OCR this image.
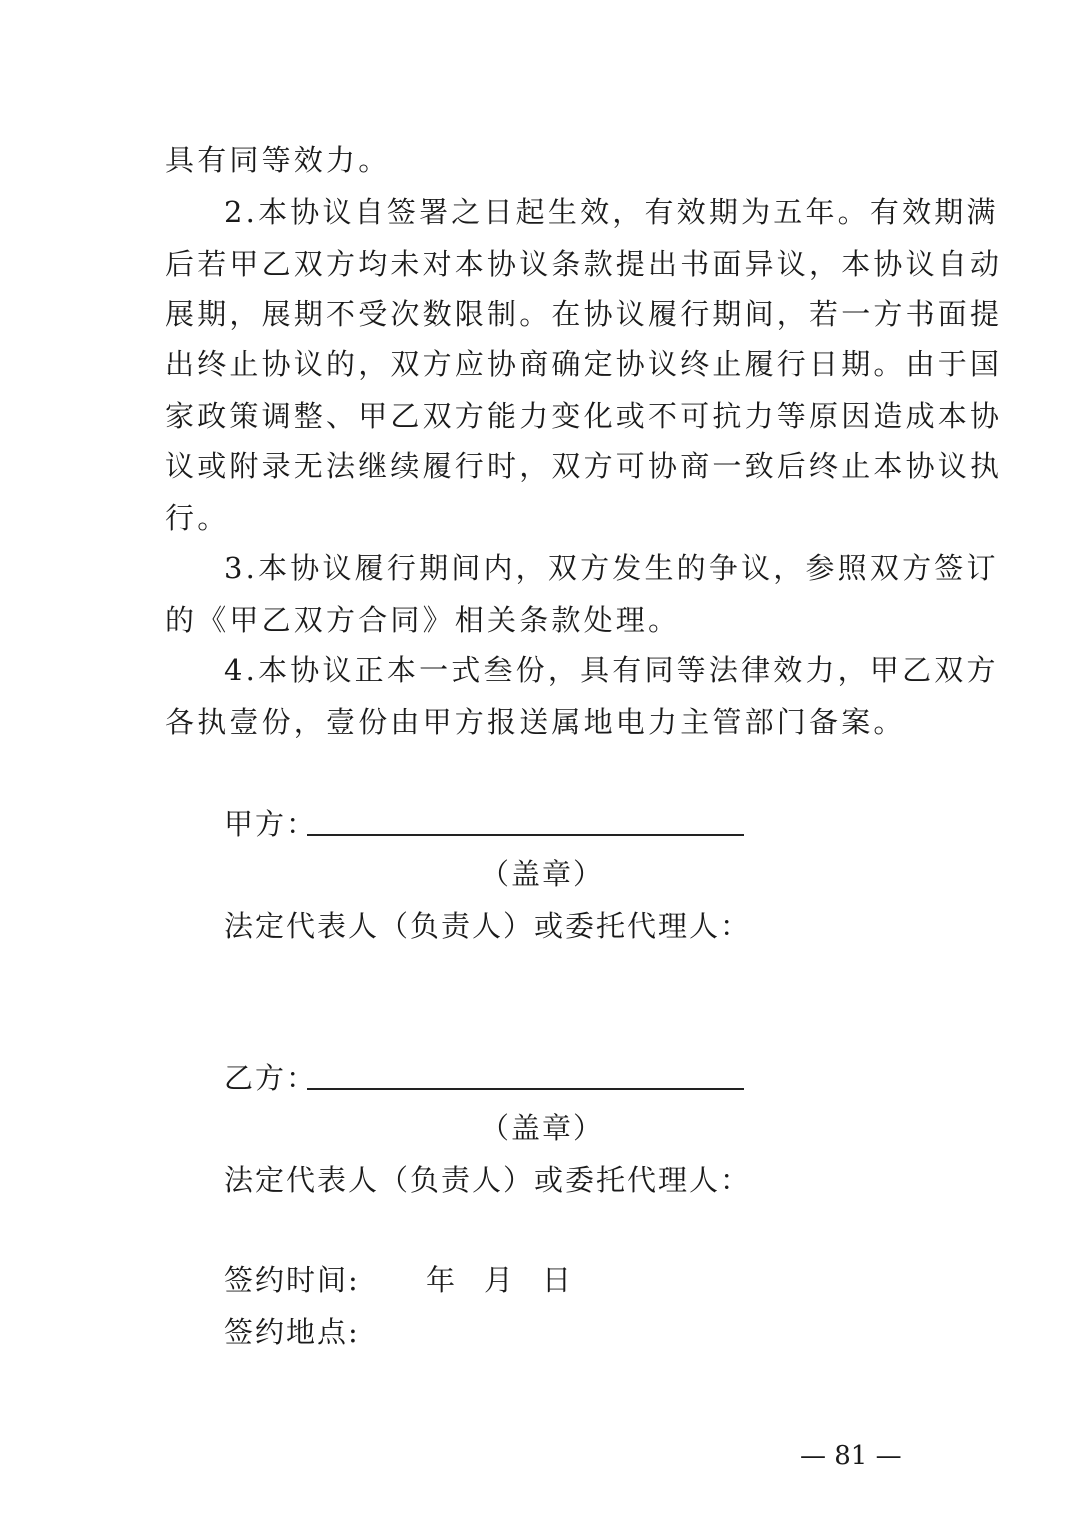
具有同等效力。
2.本协议自签署之日起生效，有效期为五年。有效期满
后若甲乙双方均未对本协议条款提出书面异议，本协议自动
展期，展期不受次数限制。在协议履行期间，若一方书面提
出终止协议的，双方应协商确定协议终止履行日期。由于国
家政策调整、甲乙双方能力变化或不可抗力等原因造成本协
议或附录无法继续履行时，双方可协商一致后终止本协议执
行。
3.本协议履行期间内，双方发生的争议，参照双方签订
的《甲乙双方合同》相关条款处理。
4.本协议正本一式叁份，具有同等法律效力，甲乙双方
各执壹份，壹份由甲方报送属地电力主管部门备案。
甲方：
（盖章）
法定代表人（负责人）或委托代理人：
乙方：
（盖章）
法定代表人（负责人）或委托代理人：
签约时间: 年 月 日
签约地点:
— 81 —
